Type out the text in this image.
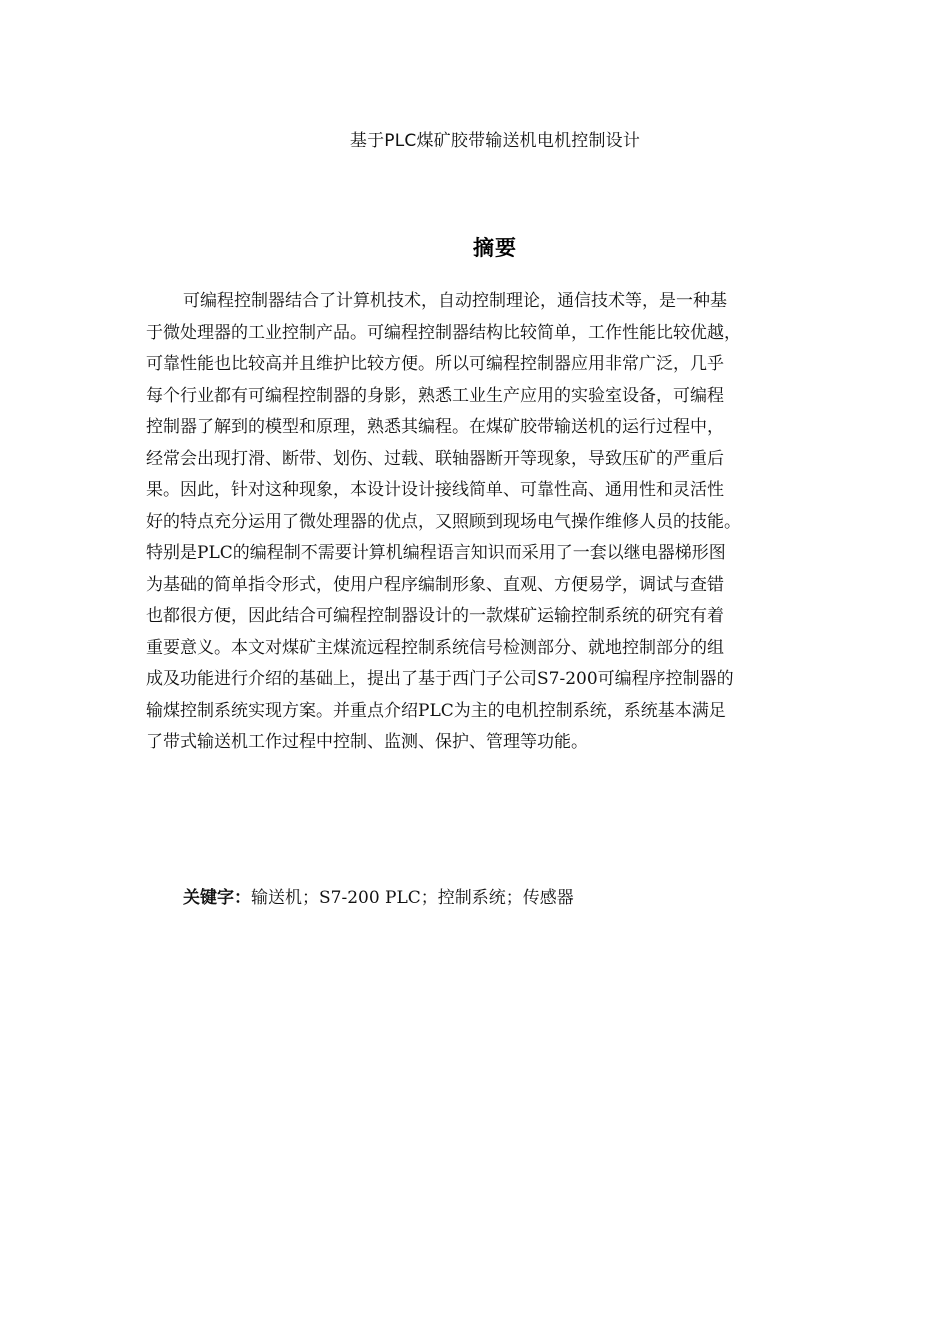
基于PLC煤矿胶带输送机电机控制设计
摘要
可编程控制器结合了计算机技术，自动控制理论，通信技术等，是一种基
于微处理器的工业控制产品。可编程控制器结构比较简单，工作性能比较优越，
可靠性能也比较高并且维护比较方便。所以可编程控制器应用非常广泛，几乎
每个行业都有可编程控制器的身影，熟悉工业生产应用的实验室设备，可编程
控制器了解到的模型和原理，熟悉其编程。在煤矿胶带输送机的运行过程中，
经常会出现打滑、断带、划伤、过载、联轴器断开等现象，导致压矿的严重后
果。因此，针对这种现象，本设计设计接线简单、可靠性高、通用性和灵活性
好的特点充分运用了微处理器的优点，又照顾到现场电气操作维修人员的技能。
特别是PLC的编程制不需要计算机编程语言知识而采用了一套以继电器梯形图
为基础的简单指令形式，使用户程序编制形象、直观、方便易学，调试与查错
也都很方便，因此结合可编程控制器设计的一款煤矿运输控制系统的研究有着
重要意义。本文对煤矿主煤流远程控制系统信号检测部分、就地控制部分的组
成及功能进行介绍的基础上，提出了基于西门子公司S7-200可编程序控制器的
输煤控制系统实现方案。并重点介绍PLC为主的电机控制系统，系统基本满足
了带式输送机工作过程中控制、监测、保护、管理等功能。
关键字：输送机；S7-200 PLC；控制系统；传感器
